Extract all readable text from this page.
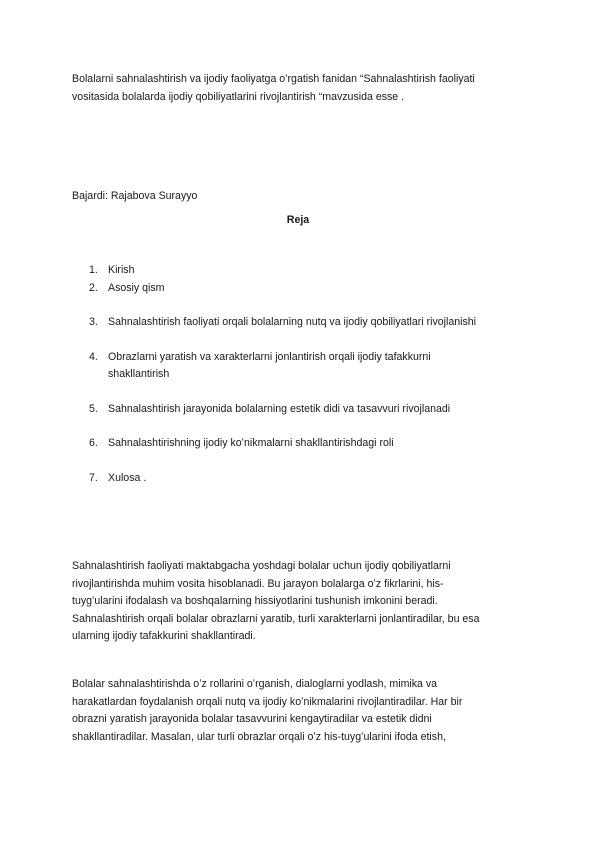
Bolalarni sahnalashtirish va ijodiy faoliyatga o’rgatish fanidan “Sahnalashtirish faoliyati

vositasida bolalarda ijodiy qobiliyatlarini rivojlantirish “mavzusida esse .

Bajardi: Rajabova Surayyo
Reja
1. Kirish
2. Asosiy qism
3. Sahnalashtirish faoliyati orqali bolalarning nutq va ijodiy qobiliyatlari rivojlanishi
4. Obrazlarni yaratish va xarakterlarni jonlantirish orqali ijodiy tafakkurni
shakllantirish
5. Sahnalashtirish jarayonida bolalarning estetik didi va tasavvuri rivojlanadi
6. Sahnalashtirishning ijodiy koʻnikmalarni shakllantirishdagi roli
7. Xulosa .

Sahnalashtirish faoliyati maktabgacha yoshdagi bolalar uchun ijodiy qobiliyatlarni

rivojlantirishda muhim vosita hisoblanadi. Bu jarayon bolalarga oʻz fikrlarini, his-

tuygʻularini ifodalash va boshqalarning hissiyotlarini tushunish imkonini beradi.

Sahnalashtirish orqali bolalar obrazlarni yaratib, turli xarakterlarni jonlantiradilar, bu esa

ularning ijodiy tafakkurini shakllantiradi.

Bolalar sahnalashtirishda oʻz rollarini oʻrganish, dialoglarni yodlash, mimika va

harakatlardan foydalanish orqali nutq va ijodiy koʻnikmalarini rivojlantiradilar. Har bir

obrazni yaratish jarayonida bolalar tasavvurini kengaytiradilar va estetik didni

shakllantiradilar. Masalan, ular turli obrazlar orqali oʻz his-tuygʻularini ifoda etish,
